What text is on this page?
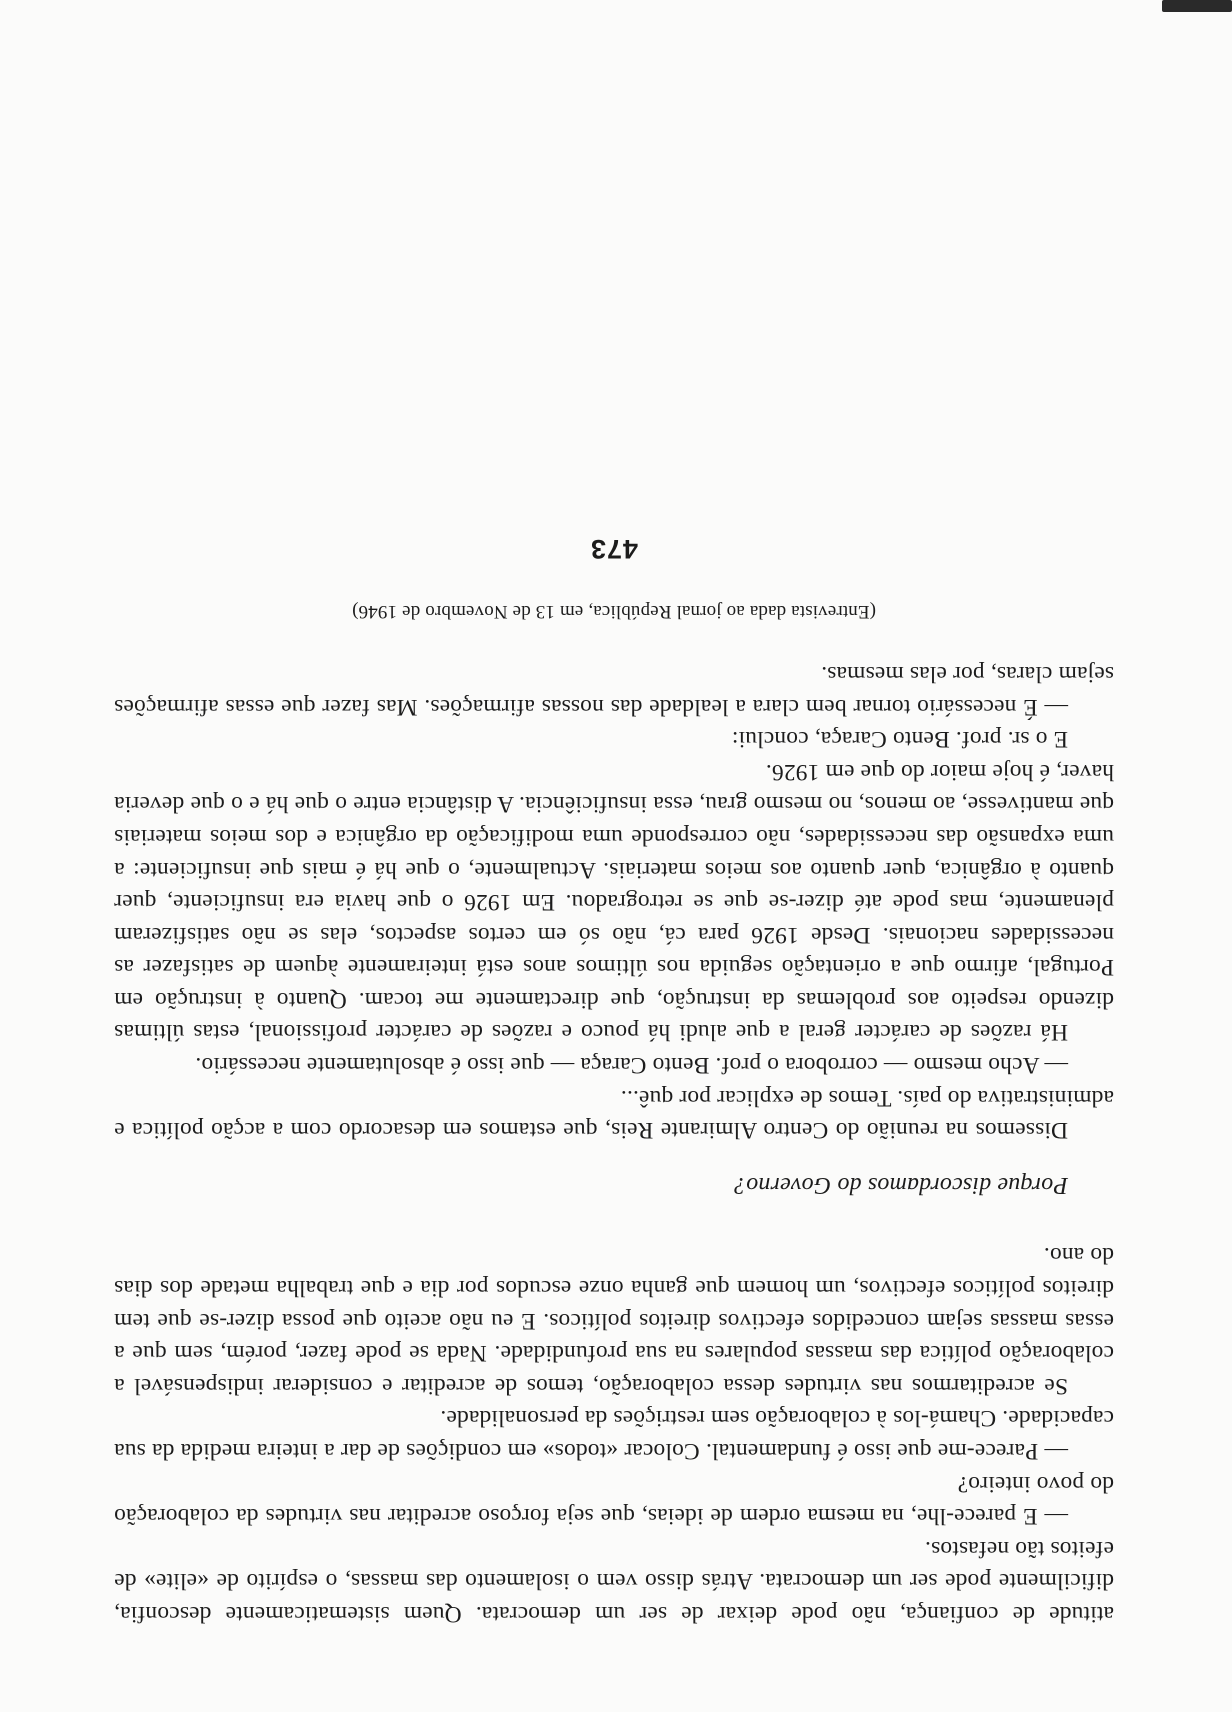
atitude de confiança, não pode deixar de ser um democrata. Quem sistematicamente desconfia, dificilmente pode ser um democrata. Atrás disso vem o isolamento das massas, o espírito de «elite» de efeitos tão nefastos.

— E parece-lhe, na mesma ordem de ideias, que seja forçoso acreditar nas virtudes da colaboração do povo inteiro?

— Parece-me que isso é fundamental. Colocar «todos» em condições de dar a inteira medida da sua capacidade. Chamá-los à colaboração sem restrições da personalidade.

Se acreditarmos nas virtudes dessa colaboração, temos de acreditar e considerar indispensável a colaboração política das massas populares na sua profundidade. Nada se pode fazer, porém, sem que a essas massas sejam concedidos efectivos direitos políticos. E eu não aceito que possa dizer-se que tem direitos políticos efectivos, um homem que ganha onze escudos por dia e que trabalha metade dos dias do ano.

Porque discordamos do Governo?

Dissemos na reunião do Centro Almirante Reis, que estamos em desacordo com a acção política e administrativa do país. Temos de explicar por quê...

— Acho mesmo — corrobora o prof. Bento Caraça — que isso é absolutamente necessário.

Há razões de carácter geral a que aludi há pouco e razões de carácter profissional, estas últimas dizendo respeito aos problemas da instrução, que directamente me tocam. Quanto à instrução em Portugal, afirmo que a orientação seguida nos últimos anos está inteiramente àquem de satisfazer as necessidades nacionais. Desde 1926 para cá, não só em certos aspectos, elas se não satisfizeram plenamente, mas pode até dizer-se que se retrogradou. Em 1926 o que havia era insuficiente, quer quanto à orgânica, quer quanto aos meios materiais. Actualmente, o que há é mais que insuficiente: a uma expansão das necessidades, não corresponde uma modificação da orgânica e dos meios materiais que mantivesse, ao menos, no mesmo grau, essa insuficiência. A distância entre o que há e o que deveria haver, é hoje maior do que em 1926.

E o sr. prof. Bento Caraça, conclui:

— É necessário tornar bem clara a lealdade das nossas afirmações. Mas fazer que essas afirmações sejam claras, por elas mesmas.

(Entrevista dada ao jornal República, em 13 de Novembro de 1946)

473
